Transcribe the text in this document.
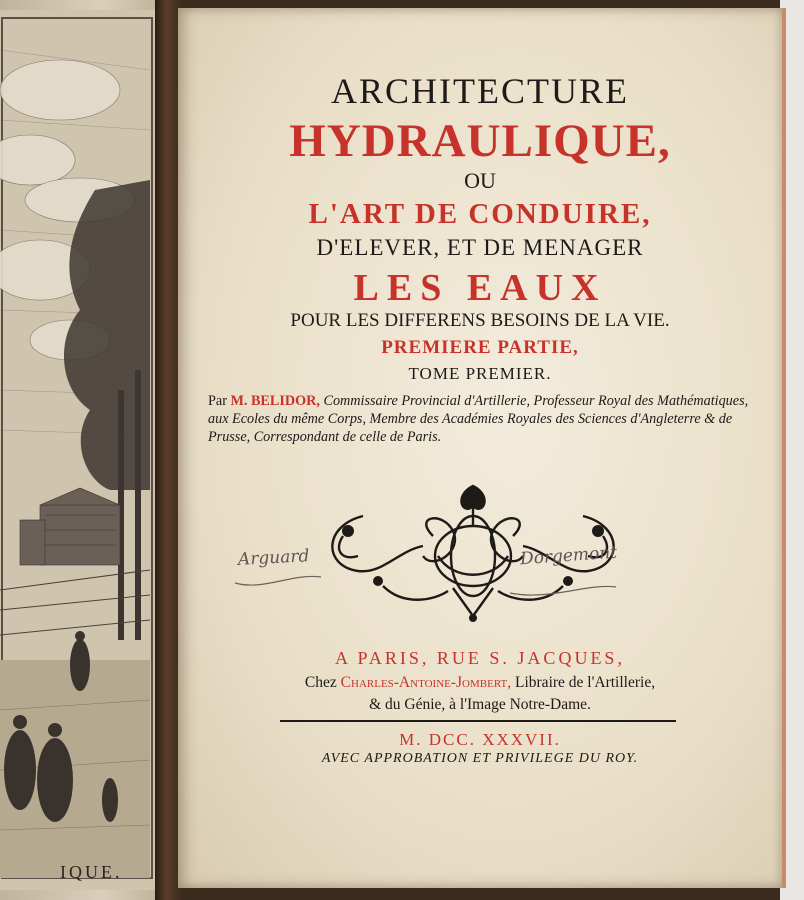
IQUE.
ARCHITECTURE
HYDRAULIQUE,
OU
L'ART DE CONDUIRE,
D'ELEVER, ET DE MENAGER
LES EAUX
POUR LES DIFFERENS BESOINS DE LA VIE.
PREMIERE PARTIE,
TOME PREMIER.
Par M. BELIDOR, Commissaire Provincial d'Artillerie, Professeur Royal des Mathématiques, aux Ecoles du même Corps, Membre des Académies Royales des Sciences d'Angleterre & de Prusse, Correspondant de celle de Paris.
Arguard	Dorgemont
A PARIS, RUE S. JACQUES,
Chez Charles-Antoine-Jombert, Libraire de l'Artillerie,
& du Génie, à l'Image Notre-Dame.
M. DCC. XXXVII.
AVEC APPROBATION ET PRIVILEGE DU ROY.
